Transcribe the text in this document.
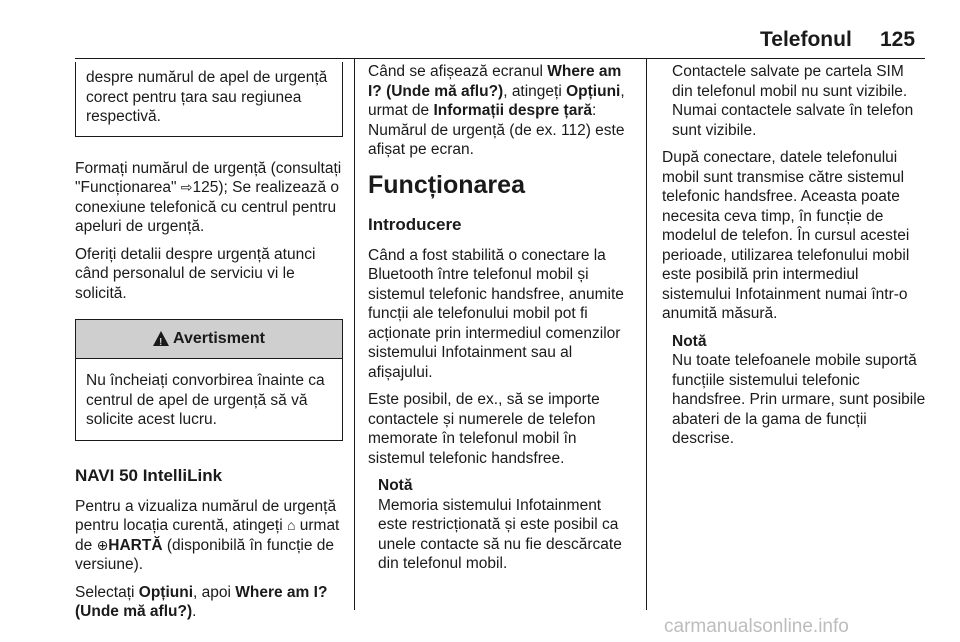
Telefonul 125
despre numărul de apel de urgență corect pentru țara sau regiunea respectivă.

Formați numărul de urgență (consultați "Funcționarea" ⇨125); Se realizează o conexiune telefonică cu centrul pentru apeluri de urgență.

Oferiți detalii despre urgență atunci când personalul de serviciu vi le solicită.

!
Avertisment
Nu încheiați convorbirea înainte ca centrul de apel de urgență să vă solicite acest lucru.
NAVI 50 IntelliLink

Pentru a vizualiza numărul de urgență pentru locația curentă, atingeți ⌂ urmat de ⊕HARTĂ (disponibilă în funcție de versiune).

Selectați Opțiuni, apoi Where am I? (Unde mă aflu?).

Când se afișează ecranul Where am I? (Unde mă aflu?), atingeți Opțiuni, urmat de Informații despre țară: Numărul de urgență (de ex. 112) este afișat pe ecran.

Funcționarea
Introducere

Când a fost stabilită o conectare la Bluetooth între telefonul mobil și sistemul telefonic handsfree, anumite funcții ale telefonului mobil pot fi acționate prin intermediul comenzilor sistemului Infotainment sau al afișajului.

Este posibil, de ex., să se importe contactele și numerele de telefon memorate în telefonul mobil în sistemul telefonic handsfree.

Notă
Memoria sistemului Infotainment este restricționată și este posibil ca unele contacte să nu fie descărcate din telefonul mobil.

Contactele salvate pe cartela SIM din telefonul mobil nu sunt vizibile. Numai contactele salvate în telefon sunt vizibile.

După conectare, datele telefonului mobil sunt transmise către sistemul telefonic handsfree. Aceasta poate necesita ceva timp, în funcție de modelul de telefon. În cursul acestei perioade, utilizarea telefonului mobil este posibilă prin intermediul sistemului Infotainment numai într-o anumită măsură.

Notă
Nu toate telefoanele mobile suportă funcțiile sistemului telefonic handsfree. Prin urmare, sunt posibile abateri de la gama de funcții descrise.
carmanualsonline.info
